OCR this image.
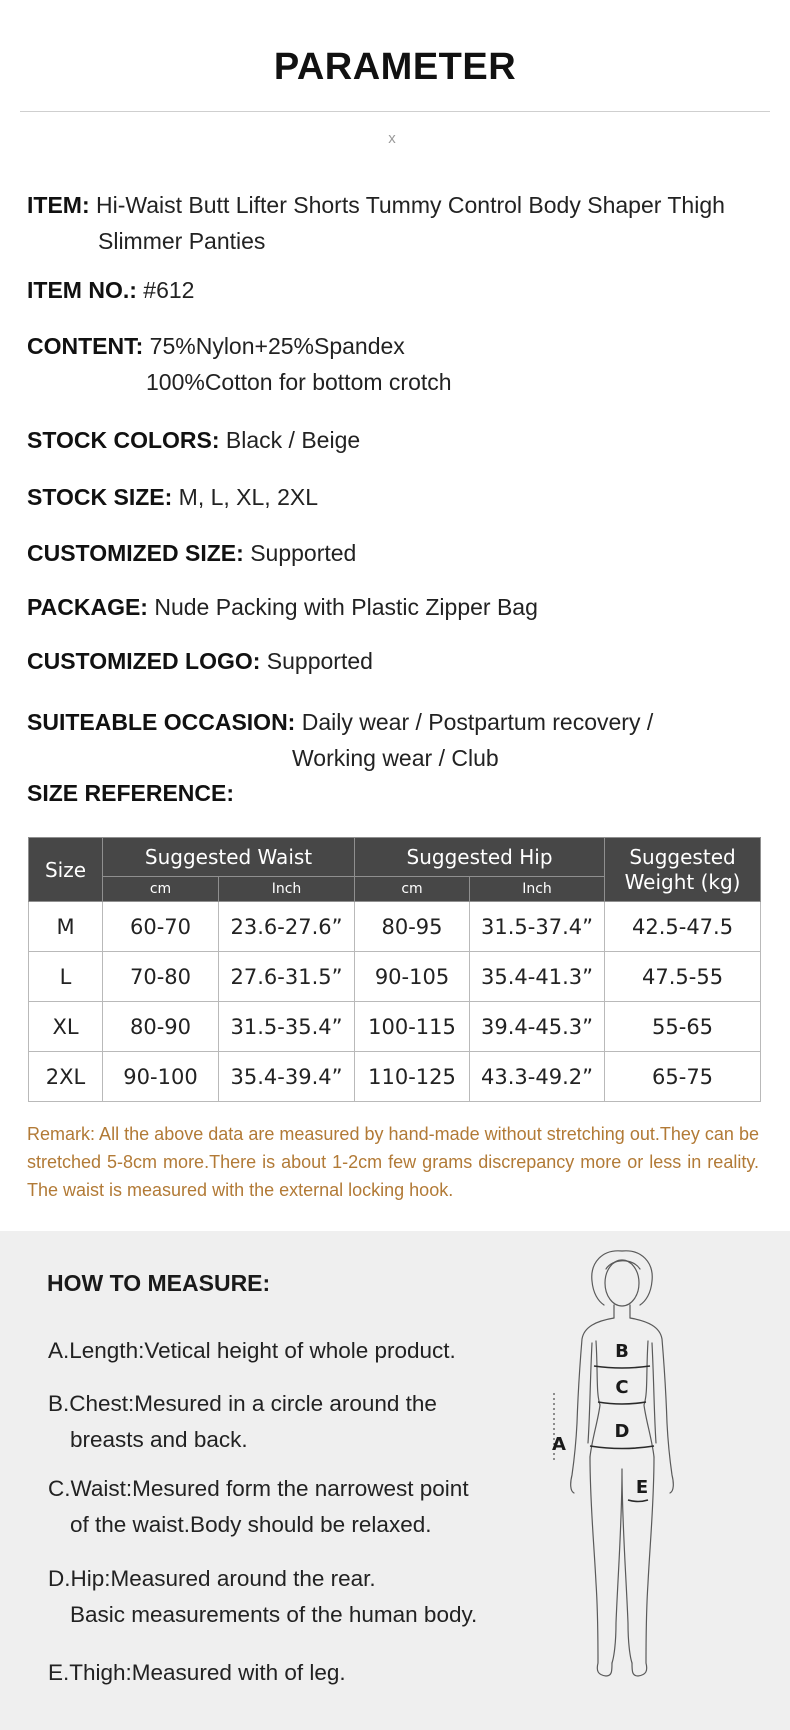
PARAMETER
x
ITEM: Hi-Waist Butt Lifter Shorts Tummy Control Body Shaper Thigh
Slimmer Panties
ITEM NO.: #612
CONTENT: 75%Nylon+25%Spandex
100%Cotton for bottom crotch
STOCK COLORS: Black / Beige
STOCK SIZE: M, L, XL, 2XL
CUSTOMIZED SIZE: Supported
PACKAGE: Nude Packing with Plastic Zipper Bag
CUSTOMIZED LOGO: Supported
SUITEABLE OCCASION: Daily wear / Postpartum recovery /
Working wear / Club
SIZE REFERENCE:
Size	Suggested Waist		Suggested Hip		Suggested
Weight (kg)
	cm	Inch	cm	Inch	
M	60-70	23.6-27.6”	80-95	31.5-37.4”	42.5-47.5
L	70-80	27.6-31.5”	90-105	35.4-41.3”	47.5-55
XL	80-90	31.5-35.4”	100-115	39.4-45.3”	55-65
2XL	90-100	35.4-39.4”	110-125	43.3-49.2”	65-75
Remark: All the above data are measured by hand-made without stretching out.They can be stretched 5-8cm more.There is about 1-2cm few grams discrepancy more or less in reality. The waist is measured with the external locking hook.
HOW TO MEASURE:
A.Length:Vetical height of whole product.
B.Chest:Mesured in a circle around the
breasts and back.
C.Waist:Mesured form the narrowest point
of the waist.Body should be relaxed.
D.Hip:Measured around the rear.
Basic measurements of the human body.
E.Thigh:Measured with of leg.
B
C
D
E
A
